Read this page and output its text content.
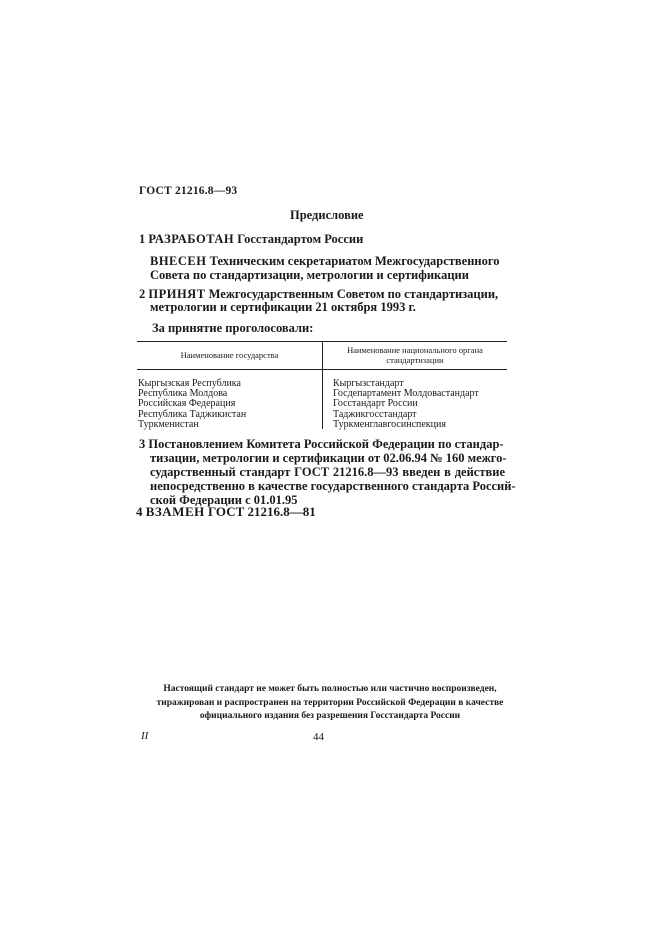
ГОСТ 21216.8—93
Предисловие
1 РАЗРАБОТАН Госстандартом России
ВНЕСЕН Техническим секретариатом Межгосударственного Совета по стандартизации, метрологии и сертификации
2 ПРИНЯТ Межгосударственным Советом по стандартизации,
метрологии и сертификации 21 октября 1993 г.
За принятие проголосовали:
Наименование государства	Наименование национального органа стандартизации
Кыргызская Республика
Республика Молдова
Российская Федерация
Республика Таджикистан
Туркменистан
Кыргызстандарт
Госдепартамент Молдовастандарт
Госстандарт России
Таджикгосстандарт
Туркменглавгосинспекция
3 Постановлением Комитета Российской Федерации по стандар-
тизации, метрологии и сертификации от 02.06.94 № 160 межго-
сударственный стандарт ГОСТ 21216.8—93 введен в действие
непосредственно в качестве государственного стандарта Россий-
ской Федерации с 01.01.95
4 ВЗАМЕН ГОСТ 21216.8—81
Настоящий стандарт не может быть полностью или частично воспроизведен,
тиражирован и распространен на территории Российской Федерации в качестве
официального издания без разрешения Госстандарта России
II	44
